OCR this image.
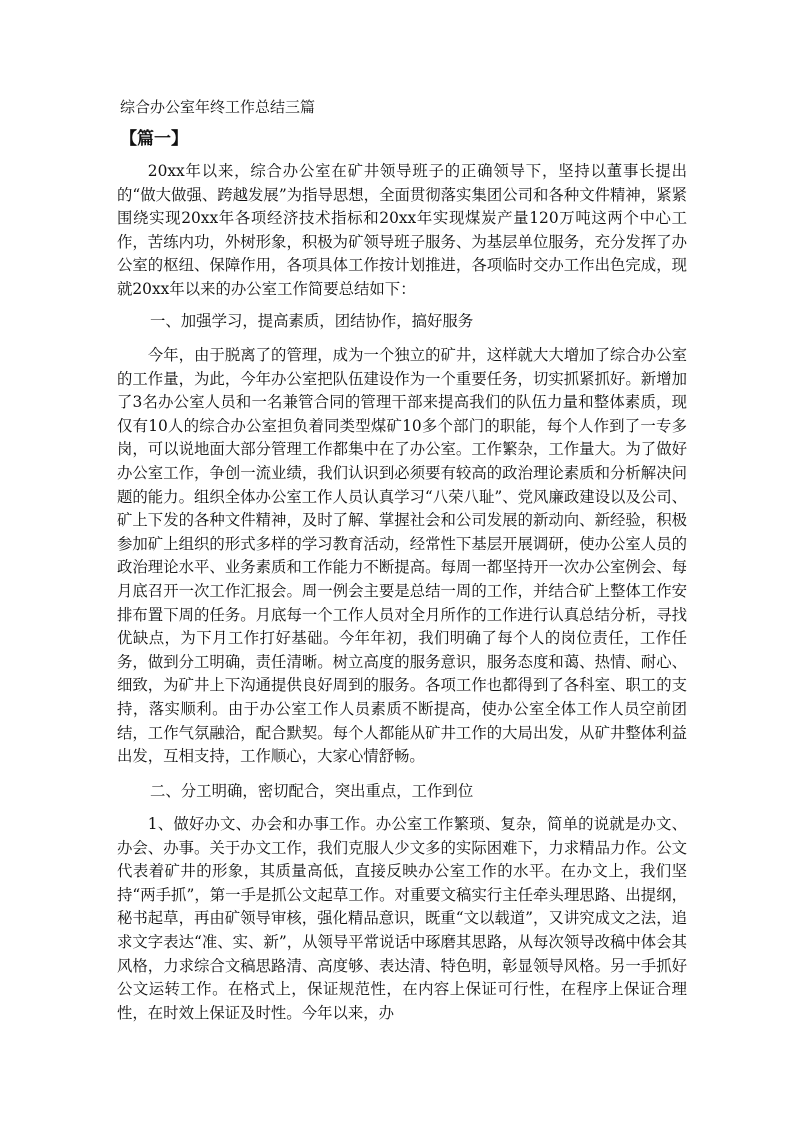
综合办公室年终工作总结三篇
【篇一】

20xx年以来，综合办公室在矿井领导班子的正确领导下，坚持以董事长提出的“做大做强、跨越发展”为指导思想，全面贯彻落实集团公司和各种文件精神，紧紧围绕实现20xx年各项经济技术指标和20xx年实现煤炭产量120万吨这两个中心工作，苦练内功，外树形象，积极为矿领导班子服务、为基层单位服务，充分发挥了办公室的枢纽、保障作用，各项具体工作按计划推进，各项临时交办工作出色完成，现就20xx年以来的办公室工作简要总结如下：

一、加强学习，提高素质，团结协作，搞好服务

今年，由于脱离了的管理，成为一个独立的矿井，这样就大大增加了综合办公室的工作量，为此，今年办公室把队伍建设作为一个重要任务，切实抓紧抓好。新增加了3名办公室人员和一名兼管合同的管理干部来提高我们的队伍力量和整体素质，现仅有10人的综合办公室担负着同类型煤矿10多个部门的职能，每个人作到了一专多岗，可以说地面大部分管理工作都集中在了办公室。工作繁杂，工作量大。为了做好办公室工作，争创一流业绩，我们认识到必须要有较高的政治理论素质和分析解决问题的能力。组织全体办公室工作人员认真学习“八荣八耻”、党风廉政建设以及公司、矿上下发的各种文件精神，及时了解、掌握社会和公司发展的新动向、新经验，积极参加矿上组织的形式多样的学习教育活动，经常性下基层开展调研，使办公室人员的政治理论水平、业务素质和工作能力不断提高。每周一都坚持开一次办公室例会、每月底召开一次工作汇报会。周一例会主要是总结一周的工作，并结合矿上整体工作安排布置下周的任务。月底每一个工作人员对全月所作的工作进行认真总结分析，寻找优缺点，为下月工作打好基础。今年年初，我们明确了每个人的岗位责任，工作任务，做到分工明确，责任清晰。树立高度的服务意识，服务态度和蔼、热情、耐心、细致，为矿井上下沟通提供良好周到的服务。各项工作也都得到了各科室、职工的支持，落实顺利。由于办公室工作人员素质不断提高，使办公室全体工作人员空前团结，工作气氛融洽，配合默契。每个人都能从矿井工作的大局出发，从矿井整体利益出发，互相支持，工作顺心，大家心情舒畅。

二、分工明确，密切配合，突出重点，工作到位

1、做好办文、办会和办事工作。办公室工作繁琐、复杂，简单的说就是办文、办会、办事。关于办文工作，我们克服人少文多的实际困难下，力求精品力作。公文代表着矿井的形象，其质量高低，直接反映办公室工作的水平。在办文上，我们坚持“两手抓”，第一手是抓公文起草工作。对重要文稿实行主任牵头理思路、出提纲，秘书起草，再由矿领导审核，强化精品意识，既重“文以载道”，又讲究成文之法，追求文字表达“准、实、新”，从领导平常说话中琢磨其思路，从每次领导改稿中体会其风格，力求综合文稿思路清、高度够、表达清、特色明，彰显领导风格。另一手抓好公文运转工作。在格式上，保证规范性，在内容上保证可行性，在程序上保证合理性，在时效上保证及时性。今年以来，办
